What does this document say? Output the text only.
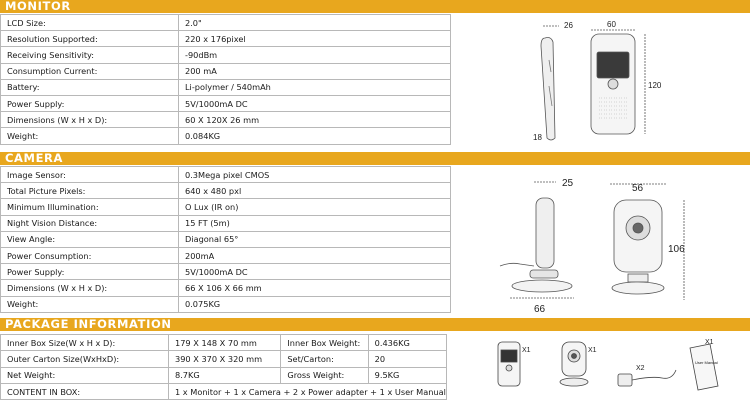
MONITOR
LCD Size:	2.0"
Resolution Supported:	220 x 176pixel
Receiving Sensitivity:	-90dBm
Consumption Current:	200 mA
Battery:	Li-polymer / 540mAh
Power Supply:	5V/1000mA DC
Dimensions (W x H x D):	60 X 120X 26 mm
Weight:	0.084KG
26	60
120
18
CAMERA
Image Sensor:	0.3Mega pixel CMOS
Total Picture Pixels:	640 x 480 pxl
Minimum Illumination:	O Lux (IR on)
Night Vision Distance:	15 FT (5m)
View Angle:	Diagonal 65°
Power Consumption:	200mA
Power Supply:	5V/1000mA DC
Dimensions (W x H x D):	66 X 106 X 66 mm
Weight:	0.075KG
25
66
56
106
PACKAGE INFORMATION
Inner Box Size(W x H x D):	179 X 148 X 70 mm	Inner Box Weight:	0.436KG
Outer Carton Size(WxHxD):	390 X 370 X 320 mm	Set/Carton:	20
Net Weight:	8.7KG	Gross Weight:	9.5KG
CONTENT IN BOX:	1 x Monitor + 1 x Camera + 2 x Power adapter + 1 x User Manual		
X1	X1
X2
X1
User Manual
